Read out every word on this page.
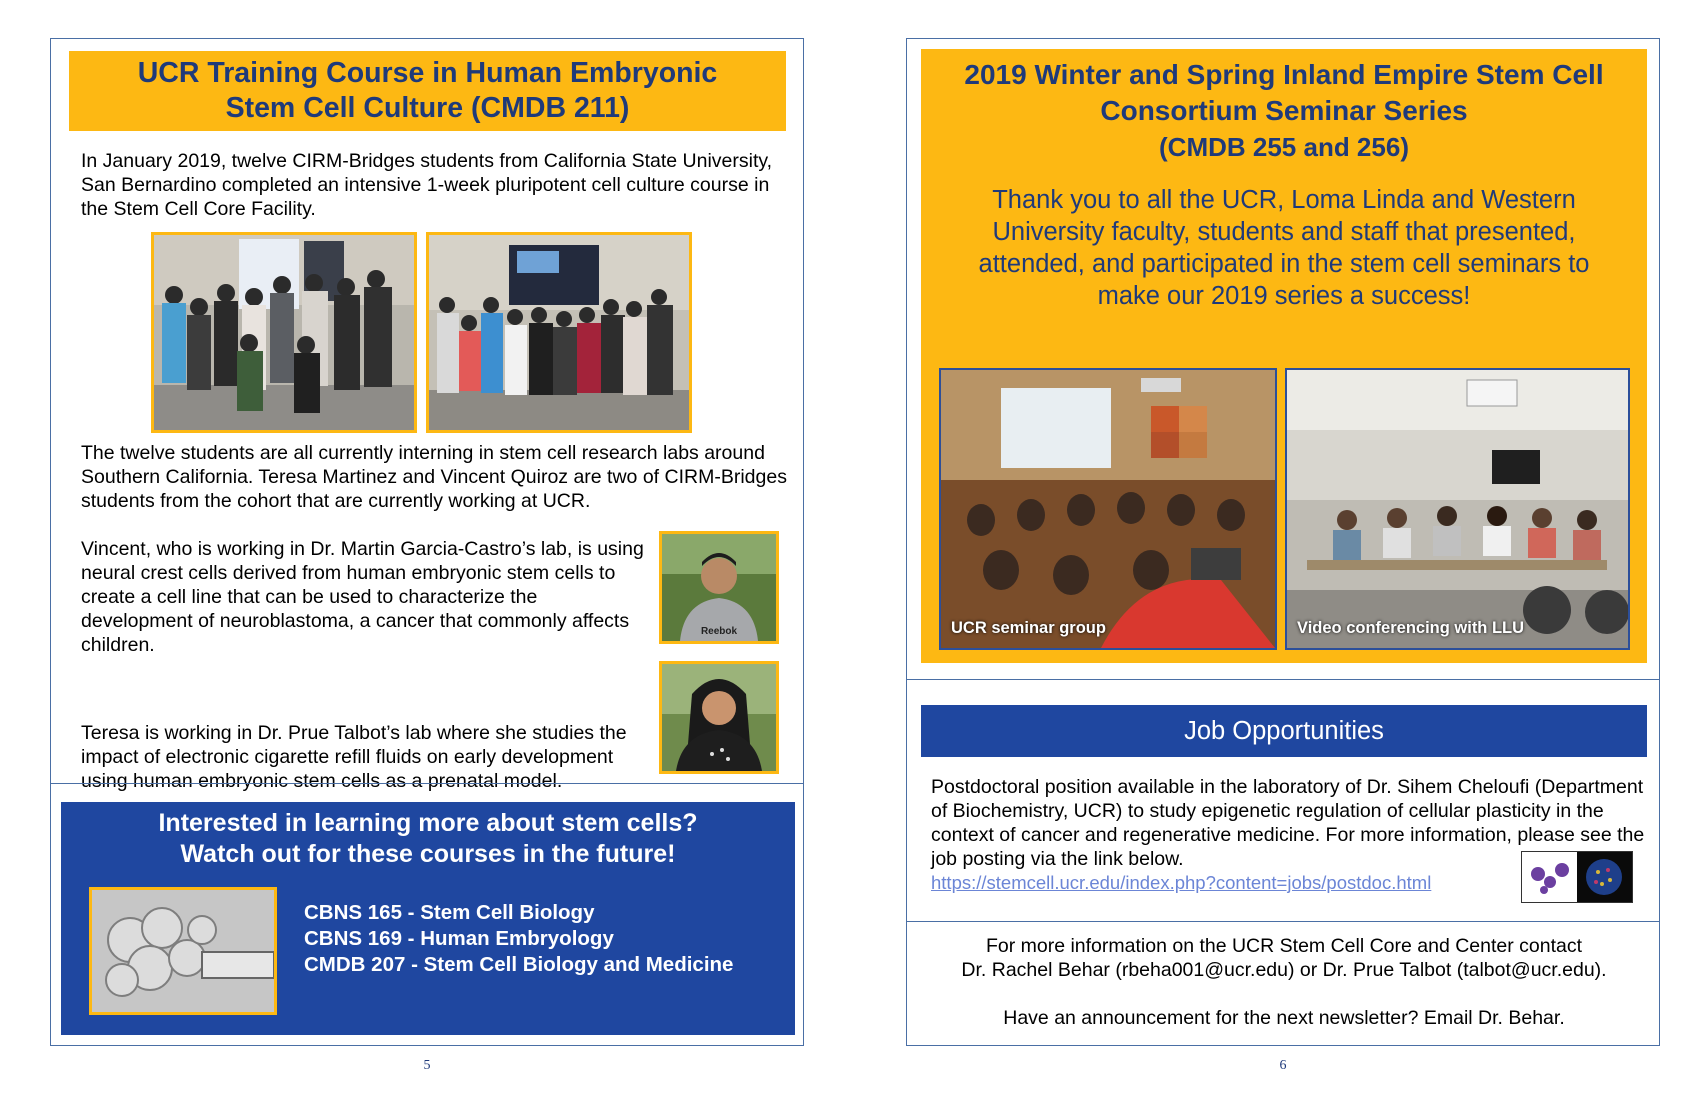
UCR Training Course in Human Embryonic
Stem Cell Culture (CMDB 211)
In January 2019, twelve CIRM-Bridges students from California State University, San Bernardino completed an intensive 1-week pluripotent cell culture course in the Stem Cell Core Facility.
The twelve students are all currently interning in stem cell research labs around Southern California. Teresa Martinez and Vincent Quiroz are two of CIRM-Bridges students from the cohort that are currently working at UCR.
Vincent, who is working in Dr. Martin Garcia-Castro’s lab, is using neural crest cells derived from human embryonic stem cells to create a cell line that can be used to characterize the development of neuroblastoma, a cancer that commonly affects children.
Reebok
Teresa is working in Dr. Prue Talbot’s lab where she studies the impact of electronic cigarette refill fluids on early development using human embryonic stem cells as a prenatal model.
Interested in learning more about stem cells?
Watch out for these courses in the future!
CBNS 165 - Stem Cell Biology
CBNS 169 - Human Embryology
CMDB 207 - Stem Cell Biology and Medicine
5
2019 Winter and Spring Inland Empire Stem Cell
Consortium Seminar Series
(CMDB 255 and 256)
Thank you to all the UCR, Loma Linda and Western University faculty, students and staff that presented, attended, and participated in the stem cell seminars to make our 2019 series a success!
UCR seminar group	Video conferencing with LLU
Job Opportunities
Postdoctoral position available in the laboratory of Dr. Sihem Cheloufi (Department of Biochemistry, UCR) to study epigenetic regulation of cellular plasticity in the context of cancer and regenerative medicine. For more information, please see the job posting via the link below.
https://stemcell.ucr.edu/index.php?content=jobs/postdoc.html
For more information on the UCR Stem Cell Core and Center contact
Dr. Rachel Behar (rbeha001@ucr.edu) or Dr. Prue Talbot (talbot@ucr.edu).
Have an announcement for the next newsletter? Email Dr. Behar.
6
